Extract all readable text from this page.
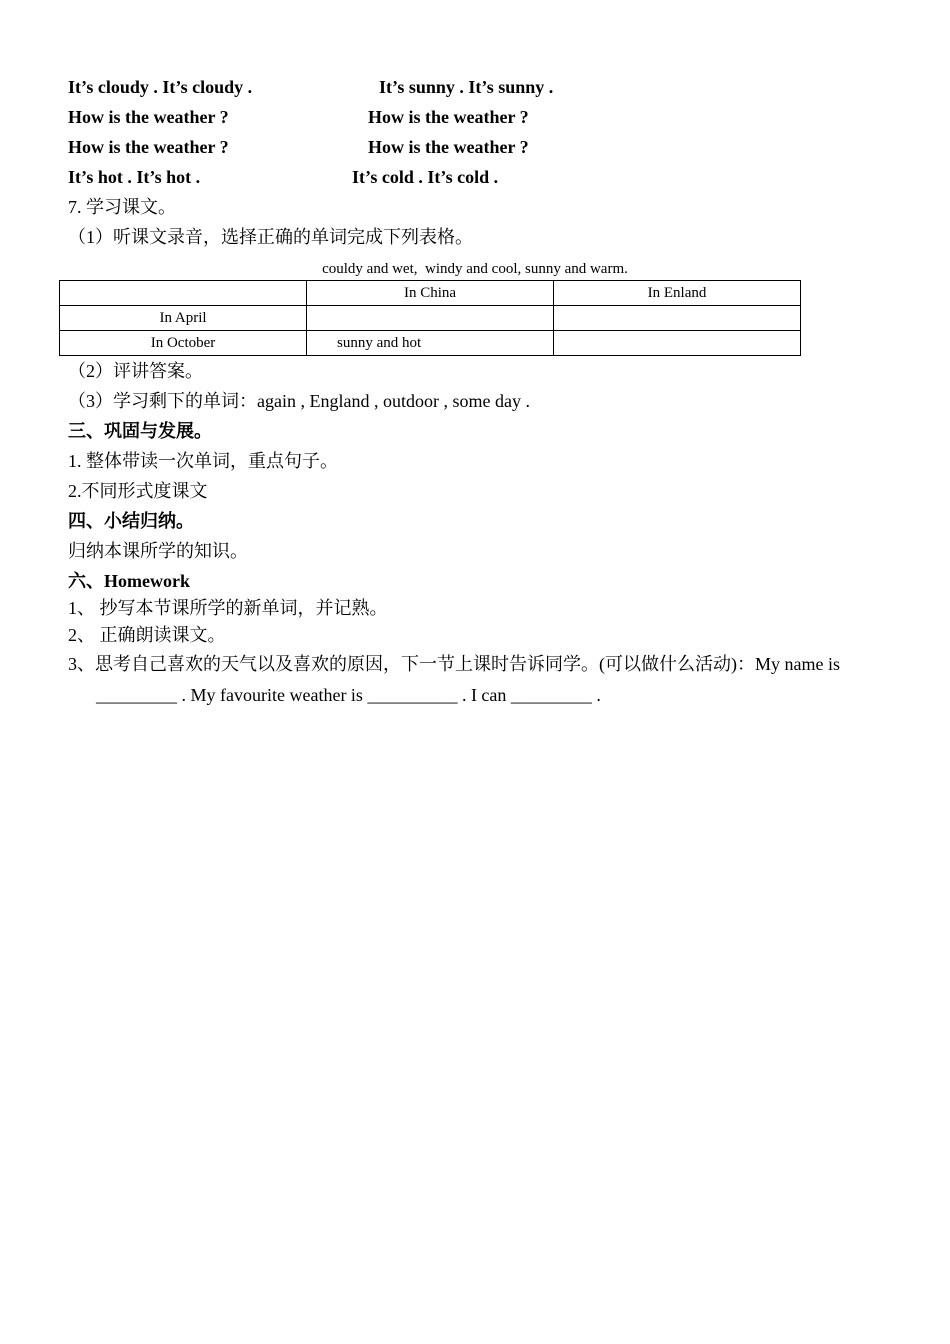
It’s cloudy . It’s cloudy .	It’s sunny . It’s sunny .
How is the weather ?	How is the weather ?
How is the weather ?	How is the weather ?
It’s hot . It’s hot .	It’s cold . It’s cold .
7. 学习课文。
（1）听课文录音，选择正确的单词完成下列表格。
couldy and wet,  windy and cool, sunny and warm.
	In China	In Enland
In April		
In October	sunny and hot	
（2）评讲答案。
（3）学习剩下的单词：again , England , outdoor , some day .
三、巩固与发展。
1. 整体带读一次单词，重点句子。
2.不同形式度课文
四、小结归纳。
归纳本课所学的知识。
六、Homework
1、 抄写本节课所学的新单词，并记熟。
2、 正确朗读课文。
3、思考自己喜欢的天气以及喜欢的原因，下一节上课时告诉同学。(可以做什么活动)：My name is
_________ . My favourite weather is __________ . I can _________ .
